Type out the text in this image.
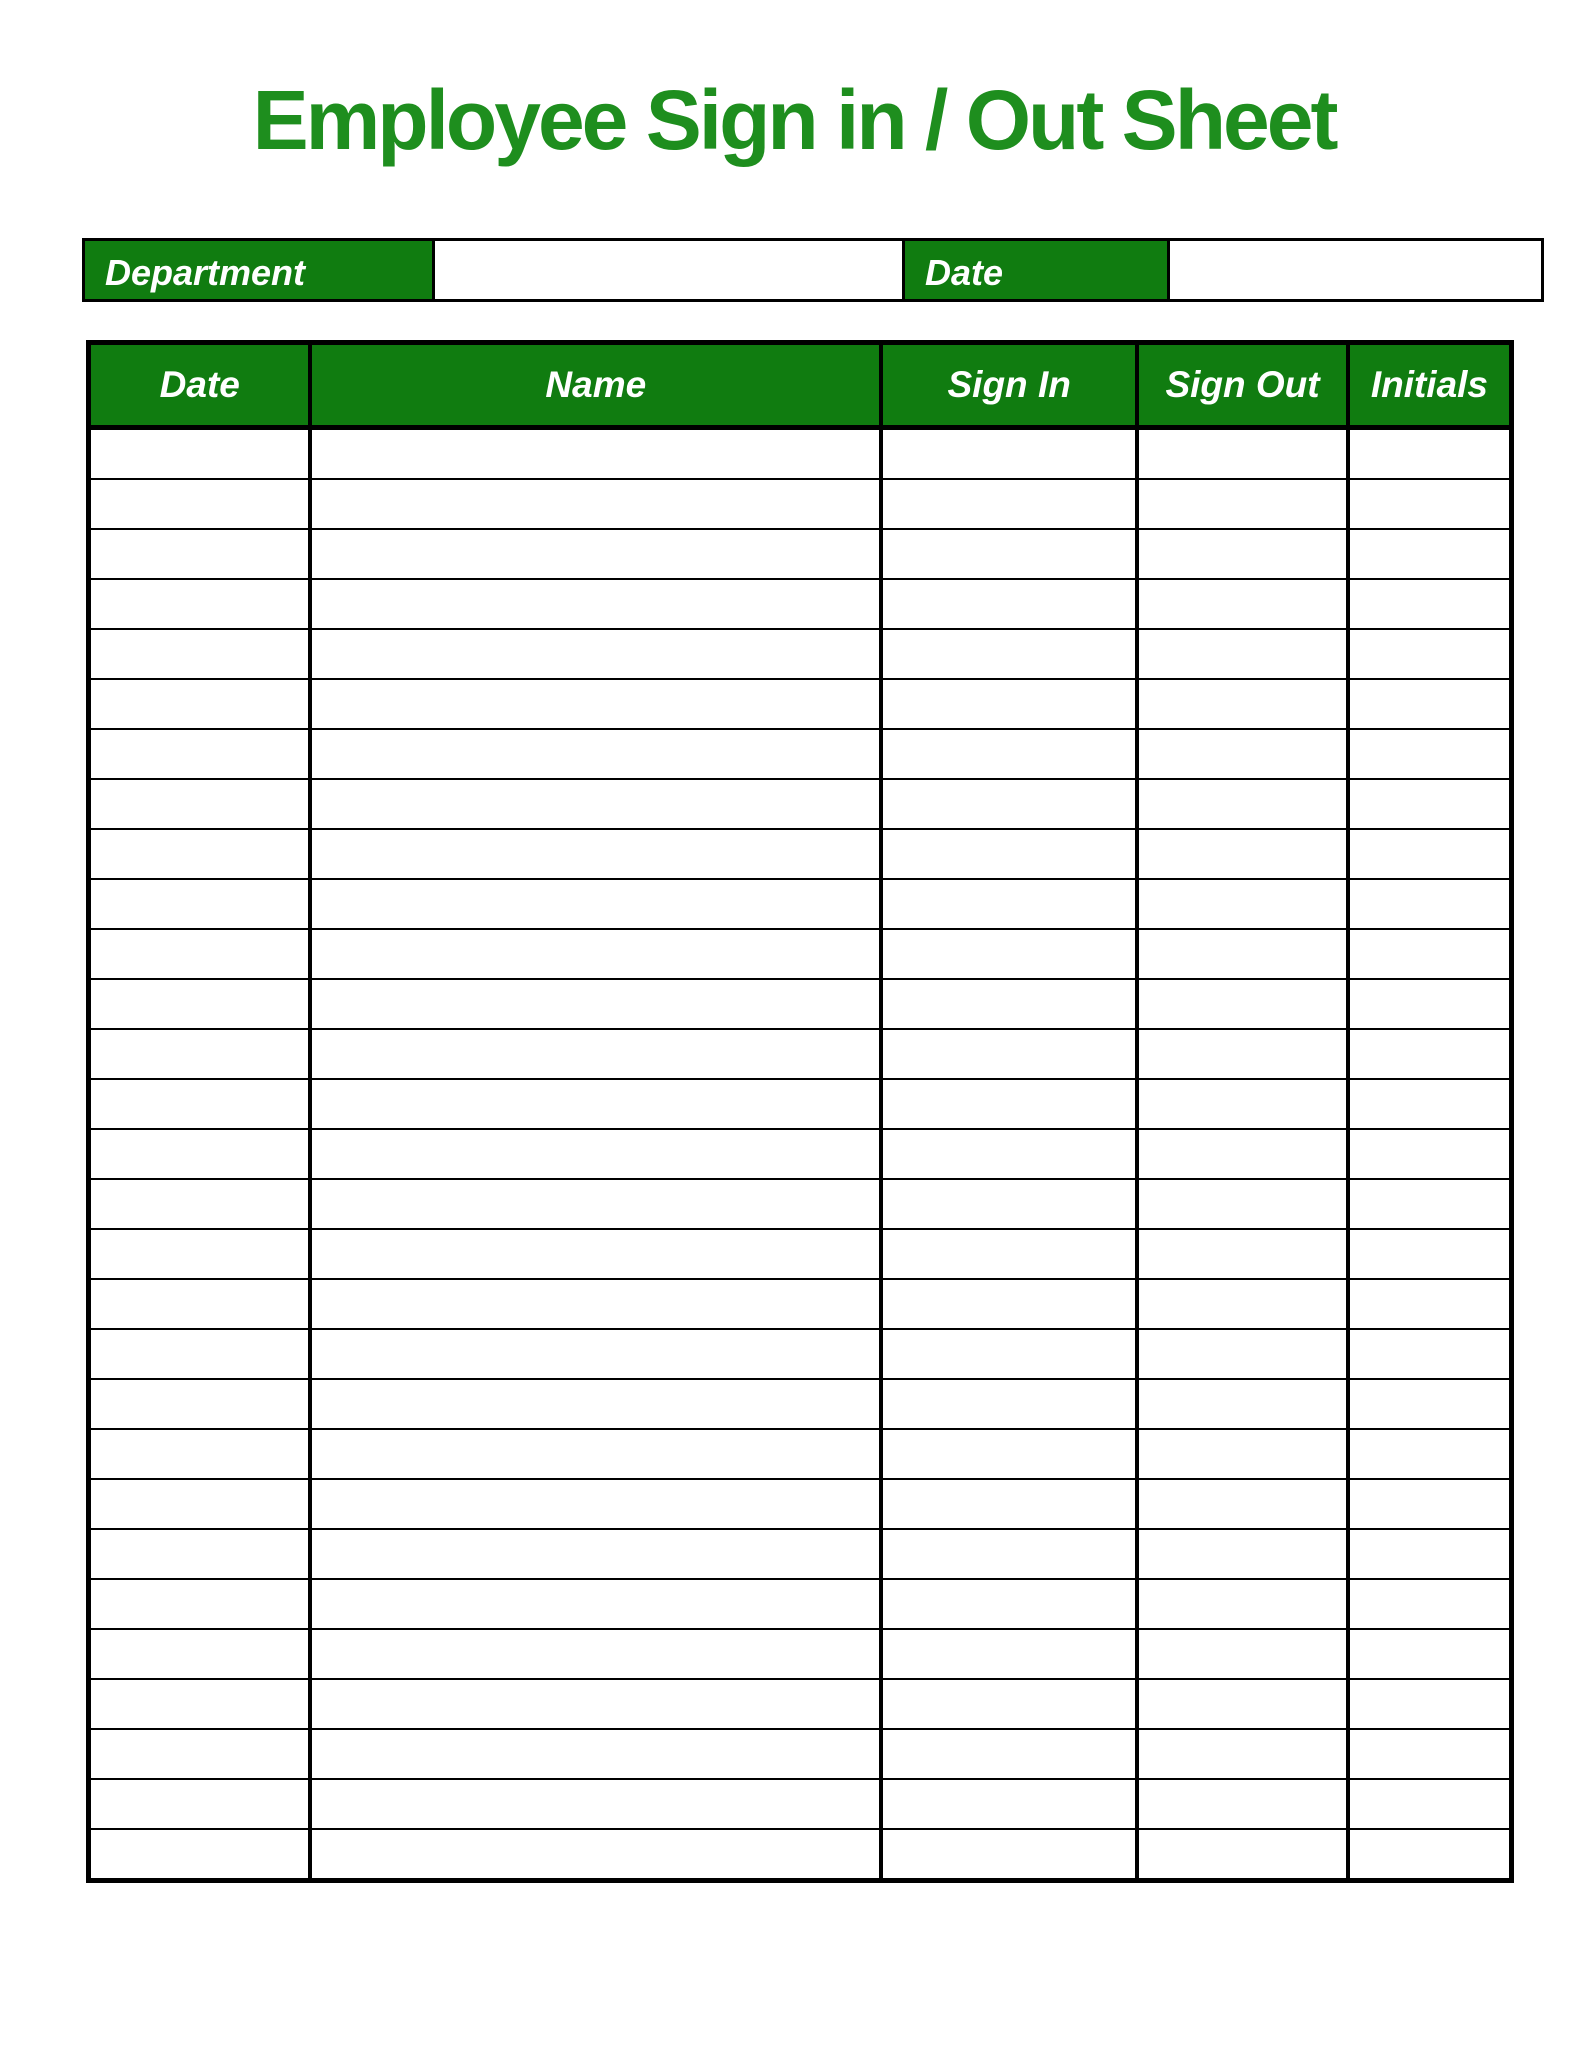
Employee Sign in / Out Sheet
Department	Date
Date	Name	Sign In	Sign Out	Initials
